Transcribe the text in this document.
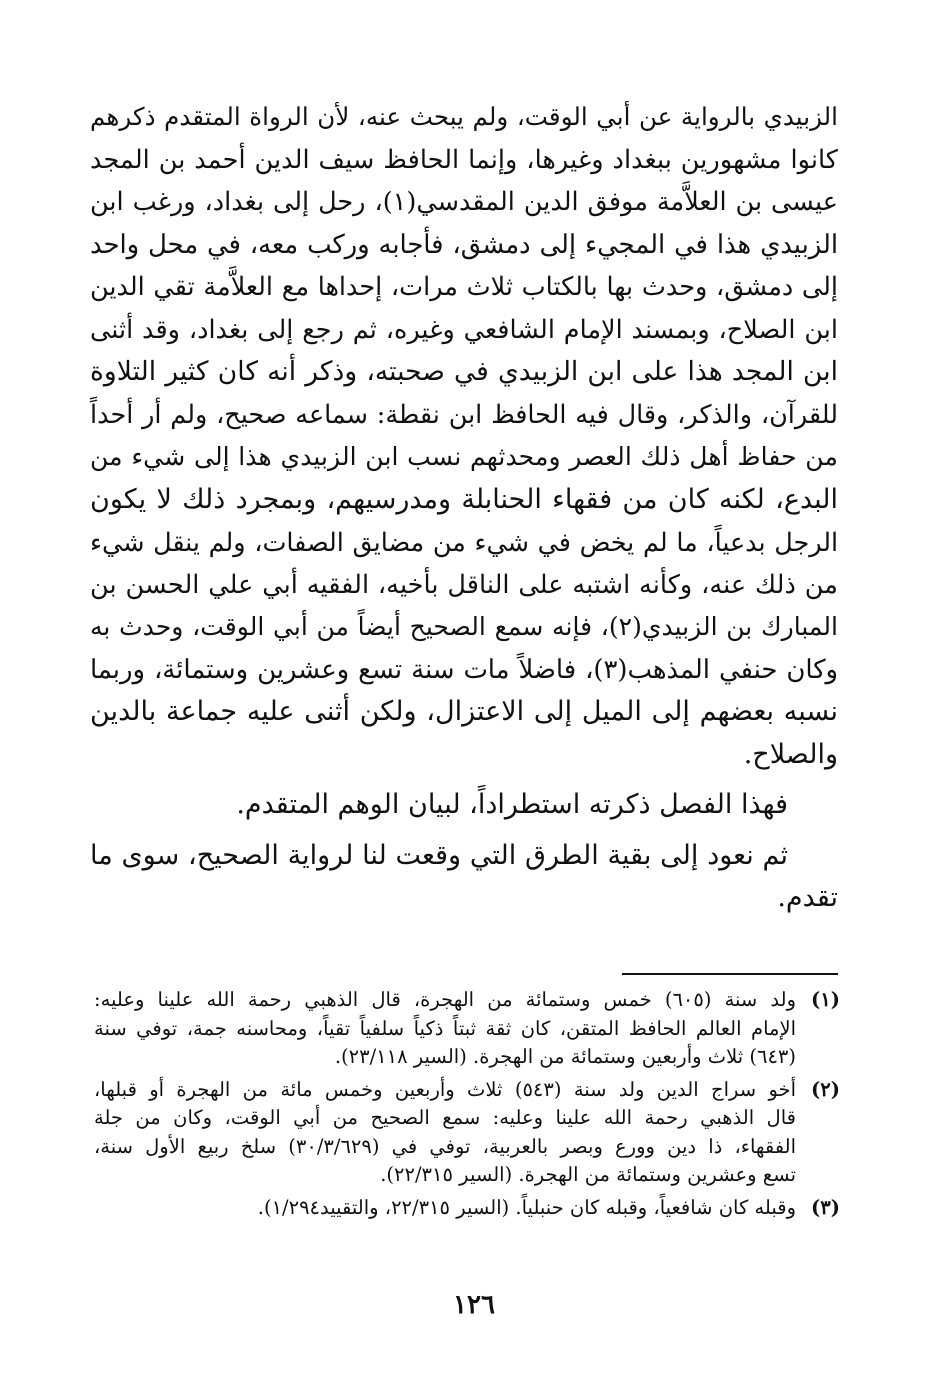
الزبيدي بالرواية عن أبي الوقت، ولم يبحث عنه، لأن الرواة المتقدم ذكرهم
كانوا مشهورين ببغداد وغيرها، وإنما الحافظ سيف الدين أحمد بن المجد
عيسى بن العلاَّمة موفق الدين المقدسي(١)، رحل إلى بغداد، ورغب ابن
الزبيدي هذا في المجيء إلى دمشق، فأجابه وركب معه، في محل واحد
إلى دمشق، وحدث بها بالكتاب ثلاث مرات، إحداها مع العلاَّمة تقي الدين
ابن الصلاح، وبمسند الإمام الشافعي وغيره، ثم رجع إلى بغداد، وقد أثنى
ابن المجد هذا على ابن الزبيدي في صحبته، وذكر أنه كان كثير التلاوة
للقرآن، والذكر، وقال فيه الحافظ ابن نقطة: سماعه صحيح، ولم أر أحداً
من حفاظ أهل ذلك العصر ومحدثهم نسب ابن الزبيدي هذا إلى شيء من
البدع، لكنه كان من فقهاء الحنابلة ومدرسيهم، وبمجرد ذلك لا يكون
الرجل بدعياً، ما لم يخض في شيء من مضايق الصفات، ولم ينقل شيء
من ذلك عنه، وكأنه اشتبه على الناقل بأخيه، الفقيه أبي علي الحسن بن
المبارك بن الزبيدي(٢)، فإنه سمع الصحيح أيضاً من أبي الوقت، وحدث به
وكان حنفي المذهب(٣)، فاضلاً مات سنة تسع وعشرين وستمائة، وربما
نسبه بعضهم إلى الميل إلى الاعتزال، ولكن أثنى عليه جماعة بالدين
والصلاح.
فهذا الفصل ذكرته استطراداً، لبيان الوهم المتقدم.
ثم نعود إلى بقية الطرق التي وقعت لنا لرواية الصحيح، سوى ما
تقدم.
(١)
ولد سنة (٦٠٥) خمس وستمائة من الهجرة، قال الذهبي رحمة الله علينا وعليه:
الإمام العالم الحافظ المتقن، كان ثقة ثبتاً ذكياً سلفياً تقياً، ومحاسنه جمة، توفي سنة
(٦٤٣) ثلاث وأربعين وستمائة من الهجرة. (السير ٢٣/١١٨).
(٢)
أخو سراج الدين ولد سنة (٥٤٣) ثلاث وأربعين وخمس مائة من الهجرة أو قبلها،
قال الذهبي رحمة الله علينا وعليه: سمع الصحيح من أبي الوقت، وكان من جلة
الفقهاء، ذا دين وورع وبصر بالعربية، توفي في (٣٠/٣/٦٢٩) سلخ ربيع الأول سنة،
تسع وعشرين وستمائة من الهجرة. (السير ٢٢/٣١٥).
(٣)
وقبله كان شافعياً، وقبله كان حنبلياً. (السير ٢٢/٣١٥، والتقييد١/٢٩٤).
١٢٦
